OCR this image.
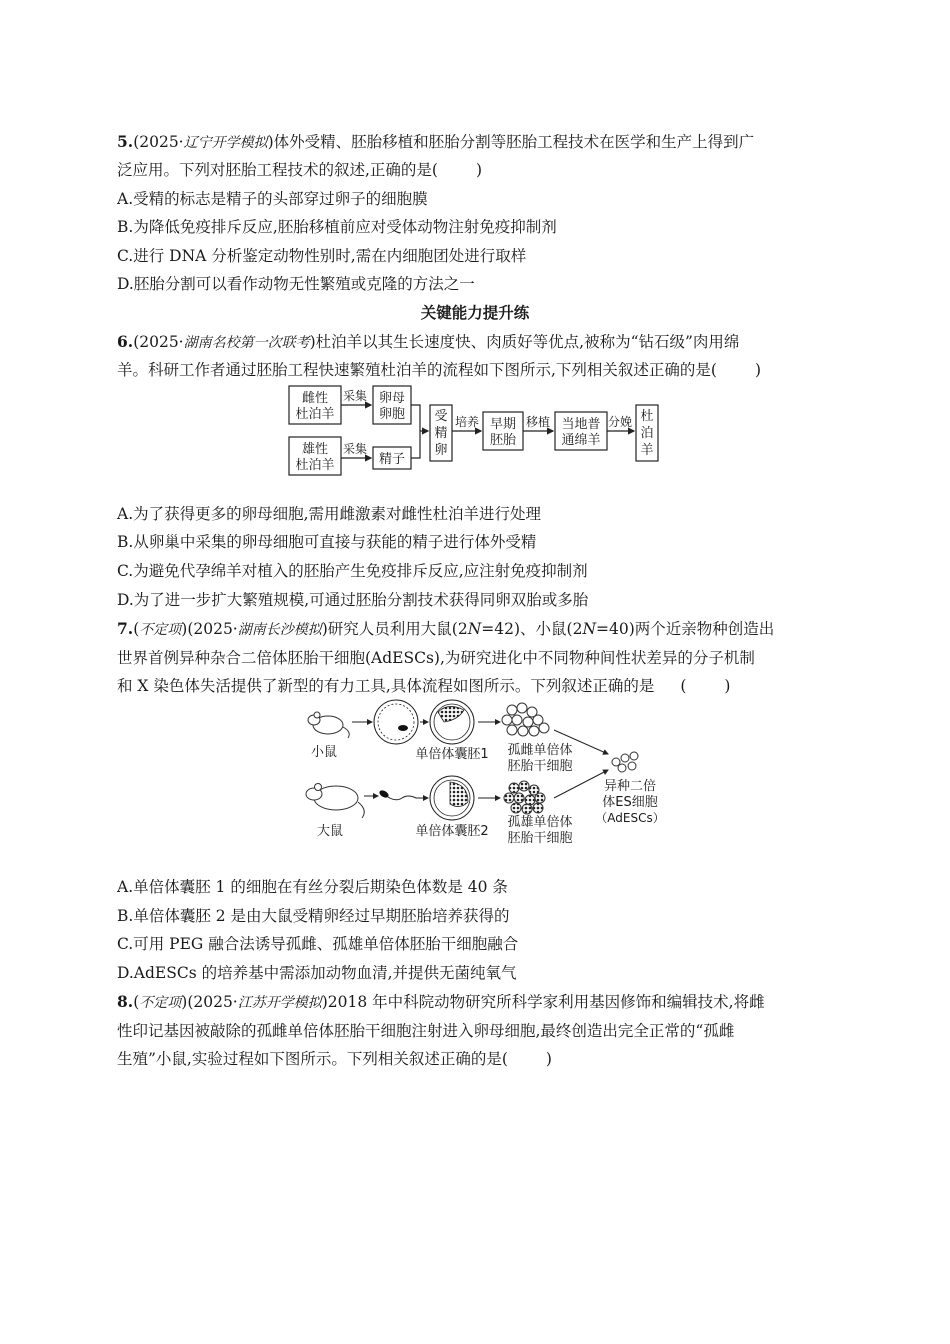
5.(2025·辽宁开学模拟)体外受精、胚胎移植和胚胎分割等胚胎工程技术在医学和生产上得到广
泛应用。下列对胚胎工程技术的叙述,正确的是( )
A.受精的标志是精子的头部穿过卵子的细胞膜
B.为降低免疫排斥反应,胚胎移植前应对受体动物注射免疫抑制剂
C.进行 DNA 分析鉴定动物性别时,需在内细胞团处进行取样
D.胚胎分割可以看作动物无性繁殖或克隆的方法之一
关键能力提升练
6.(2025·湖南名校第一次联考)杜泊羊以其生长速度快、肉质好等优点,被称为“钻石级”肉用绵
羊。科研工作者通过胚胎工程快速繁殖杜泊羊的流程如下图所示,下列相关叙述正确的是( )
雌性
杜泊羊
采集 卵母
卵胞
雄性
杜泊羊
采集
精子
受
精
卵
培养 早期
胚胎
移植 当地普
通绵羊
分娩 杜
泊
羊
A.为了获得更多的卵母细胞,需用雌激素对雌性杜泊羊进行处理
B.从卵巢中采集的卵母细胞可直接与获能的精子进行体外受精
C.为避免代孕绵羊对植入的胚胎产生免疫排斥反应,应注射免疫抑制剂
D.为了进一步扩大繁殖规模,可通过胚胎分割技术获得同卵双胎或多胎
7.(不定项)(2025·湖南长沙模拟)研究人员利用大鼠(2N=42)、小鼠(2N=40)两个近亲物种创造出
世界首例异种杂合二倍体胚胎干细胞(AdESCs),为研究进化中不同物种间性状差异的分子机制
和 X 染色体失活提供了新型的有力工具,具体流程如图所示。下列叙述正确的是 ( )
小鼠	单倍体囊胚1 孤雌单倍体
胚胎干细胞
异种二倍
体ES细胞
（AdESCs）
大鼠	单倍体囊胚2
孤雄单倍体
胚胎干细胞
A.单倍体囊胚 1 的细胞在有丝分裂后期染色体数是 40 条
B.单倍体囊胚 2 是由大鼠受精卵经过早期胚胎培养获得的
C.可用 PEG 融合法诱导孤雌、孤雄单倍体胚胎干细胞融合
D.AdESCs 的培养基中需添加动物血清,并提供无菌纯氧气
8.(不定项)(2025·江苏开学模拟)2018 年中科院动物研究所科学家利用基因修饰和编辑技术,将雌
性印记基因被敲除的孤雌单倍体胚胎干细胞注射进入卵母细胞,最终创造出完全正常的“孤雌
生殖”小鼠,实验过程如下图所示。下列相关叙述正确的是( )
